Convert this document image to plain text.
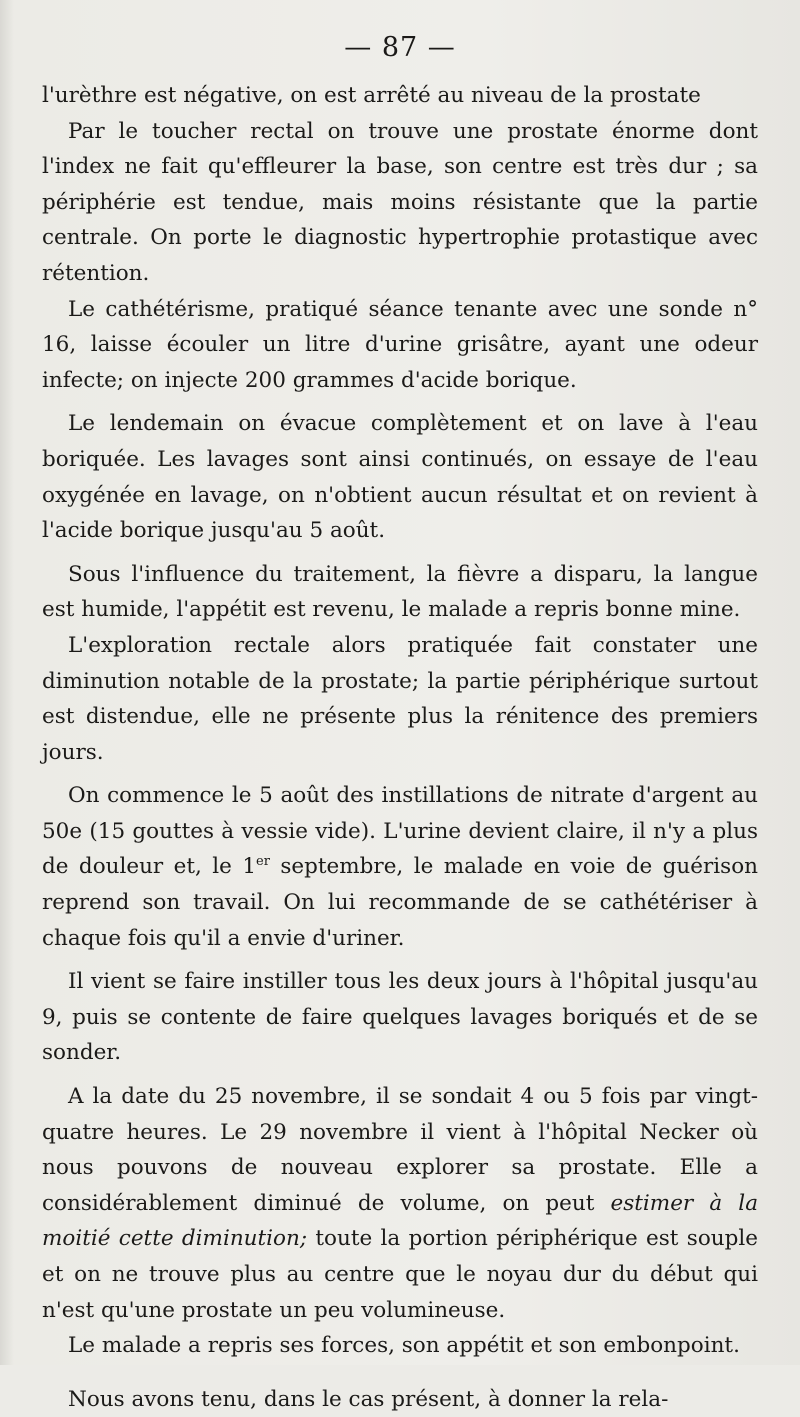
— 87 —

l'urèthre est négative, on est arrêté au niveau de la prostate

Par le toucher rectal on trouve une prostate énorme dont l'index ne fait qu'effleurer la base, son centre est très dur ; sa périphérie est tendue, mais moins résistante que la partie centrale. On porte le diagnostic hypertrophie protastique avec rétention.

Le cathétérisme, pratiqué séance tenante avec une sonde n° 16, laisse écouler un litre d'urine grisâtre, ayant une odeur infecte; on injecte 200 grammes d'acide borique.

Le lendemain on évacue complètement et on lave à l'eau boriquée. Les lavages sont ainsi continués, on essaye de l'eau oxygénée en lavage, on n'obtient aucun résultat et on revient à l'acide borique jusqu'au 5 août.

Sous l'influence du traitement, la fièvre a disparu, la langue est humide, l'appétit est revenu, le malade a repris bonne mine.

L'exploration rectale alors pratiquée fait constater une diminution notable de la prostate; la partie périphérique surtout est distendue, elle ne présente plus la rénitence des premiers jours.

On commence le 5 août des instillations de nitrate d'argent au 50e (15 gouttes à vessie vide). L'urine devient claire, il n'y a plus de douleur et, le 1er septembre, le malade en voie de guérison reprend son travail. On lui recommande de se cathétériser à chaque fois qu'il a envie d'uriner.

Il vient se faire instiller tous les deux jours à l'hôpital jusqu'au 9, puis se contente de faire quelques lavages boriqués et de se sonder.

A la date du 25 novembre, il se sondait 4 ou 5 fois par vingt-quatre heures. Le 29 novembre il vient à l'hôpital Necker où nous pouvons de nouveau explorer sa prostate. Elle a considérablement diminué de volume, on peut estimer à la moitié cette diminution; toute la portion périphérique est souple et on ne trouve plus au centre que le noyau dur du début qui n'est qu'une prostate un peu volumineuse.

Le malade a repris ses forces, son appétit et son embonpoint.

Nous avons tenu, dans le cas présent, à donner la rela-
